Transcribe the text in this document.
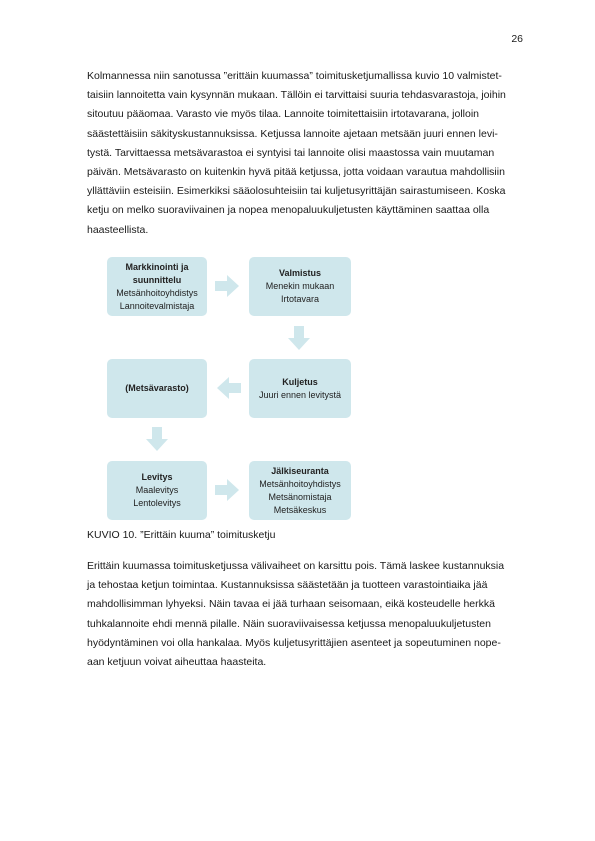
26
Kolmannessa niin sanotussa ”erittäin kuumassa” toimitusketjumallissa kuvio 10 valmistet-
taisiin lannoitetta vain kysynnän mukaan. Tällöin ei tarvittaisi suuria tehdasvarastoja, joihin
sitoutuu pääomaa. Varasto vie myös tilaa. Lannoite toimitettaisiin irtotavarana, jolloin
säästettäisiin säkityskustannuksissa. Ketjussa lannoite ajetaan metsään juuri ennen levi-
tystä. Tarvittaessa metsävarastoa ei syntyisi tai lannoite olisi maastossa vain muutaman
päivän. Metsävarasto on kuitenkin hyvä pitää ketjussa, jotta voidaan varautua mahdollisiin
yllättäviin esteisiin. Esimerkiksi sääolosuhteisiin tai kuljetusyrittäjän sairastumiseen. Koska
ketju on melko suoraviivainen ja nopea menopaluukuljetusten käyttäminen saattaa olla
haasteellista.
Markkinointi ja
suunnittelu
Metsänhoitoyhdistys
Lannoitevalmistaja
Valmistus
Menekin mukaan
Irtotavara
Kuljetus
Juuri ennen levitystä
(Metsävarasto)
Levitys
Maalevitys
Lentolevitys
Jälkiseuranta
Metsänhoitoyhdistys
Metsänomistaja
Metsäkeskus
KUVIO 10. ”Erittäin kuuma” toimitusketju
Erittäin kuumassa toimitusketjussa välivaiheet on karsittu pois. Tämä laskee kustannuksia
ja tehostaa ketjun toimintaa. Kustannuksissa säästetään ja tuotteen varastointiaika jää
mahdollisimman lyhyeksi. Näin tavaa ei jää turhaan seisomaan, eikä kosteudelle herkkä
tuhkalannoite ehdi mennä pilalle. Näin suoraviivaisessa ketjussa menopaluukuljetusten
hyödyntäminen voi olla hankalaa. Myös kuljetusyrittäjien asenteet ja sopeutuminen nope-
aan ketjuun voivat aiheuttaa haasteita.
